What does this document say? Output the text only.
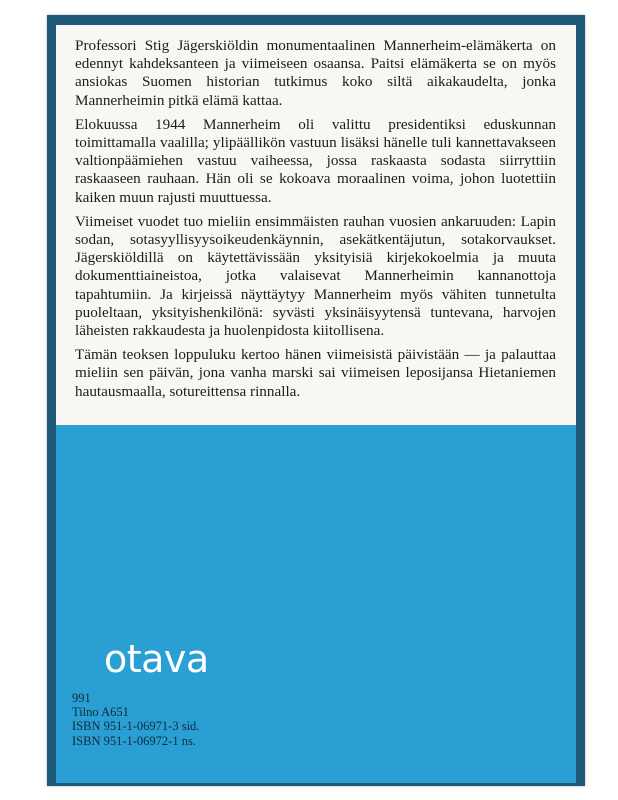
Professori Stig Jägerskiöldin monumentaalinen Mannerheim-elämäkerta on edennyt kahdeksanteen ja viimeiseen osaansa. Paitsi elämäkerta se on myös ansiokas Suomen historian tutkimus koko siltä aikakaudelta, jonka Mannerheimin pitkä elämä kattaa.

Elokuussa 1944 Mannerheim oli valittu presidentiksi eduskunnan toimittamalla vaalilla; ylipäällikön vastuun lisäksi hänelle tuli kannettavakseen valtionpäämiehen vastuu vaiheessa, jossa raskaasta sodasta siirryttiin raskaaseen rauhaan. Hän oli se kokoava moraalinen voima, johon luotettiin kaiken muun rajusti muuttuessa.

Viimeiset vuodet tuo mieliin ensimmäisten rauhan vuosien ankaruuden: Lapin sodan, sotasyyllisyysoikeudenkäynnin, asekätkentäjutun, sotakorvaukset. Jägerskiöldillä on käytettävissään yksityisiä kirjekokoelmia ja muuta dokumenttiaineistoa, jotka valaisevat Mannerheimin kannanottoja tapahtumiin. Ja kirjeissä näyttäytyy Mannerheim myös vähiten tunnetulta puoleltaan, yksityishenkilönä: syvästi yksinäisyytensä tuntevana, harvojen läheisten rakkaudesta ja huolenpidosta kiitollisena.

Tämän teoksen loppuluku kertoo hänen viimeisistä päivistään — ja palauttaa mieliin sen päivän, jona vanha marski sai viimeisen leposijansa Hietaniemen hautausmaalla, sotureittensa rinnalla.

otava
991
Tilno A651
ISBN 951-1-06971-3 sid.
ISBN 951-1-06972-1 ns.
